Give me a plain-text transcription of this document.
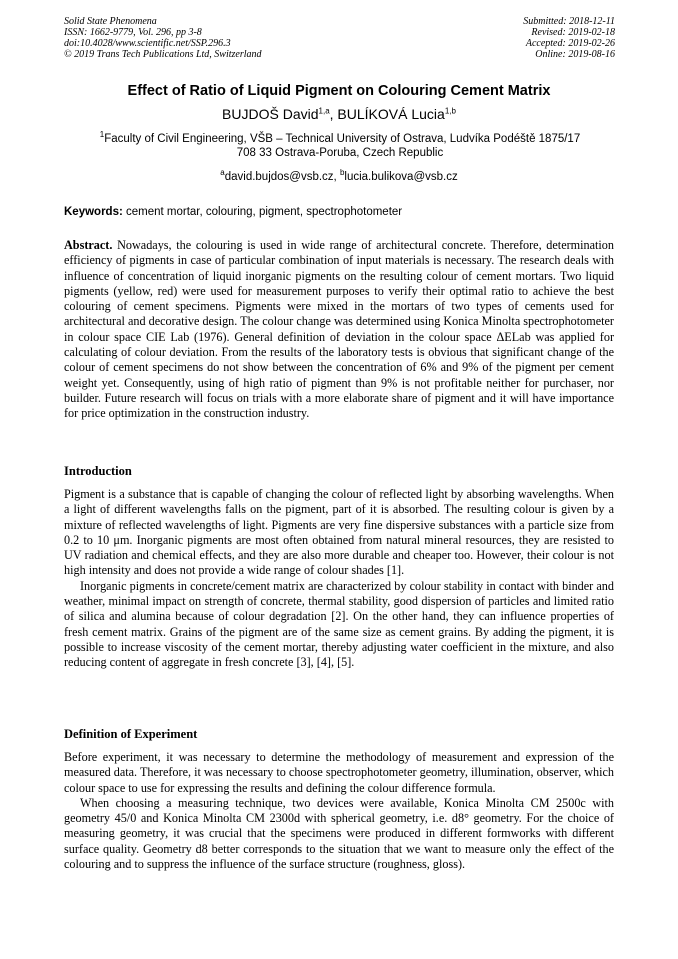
Solid State Phenomena
ISSN: 1662-9779, Vol. 296, pp 3-8
doi:10.4028/www.scientific.net/SSP.296.3
© 2019 Trans Tech Publications Ltd, Switzerland
Submitted: 2018-12-11
Revised: 2019-02-18
Accepted: 2019-02-26
Online: 2019-08-16
Effect of Ratio of Liquid Pigment on Colouring Cement Matrix
BUJDOŠ David$^{1,a}$, BULÍKOVÁ Lucia$^{1,b}$
$^1$Faculty of Civil Engineering, VŠB – Technical University of Ostrava, Ludvíka Podéště 1875/17
708 33 Ostrava-Poruba, Czech Republic
$^a$david.bujdos@vsb.cz, $^b$lucia.bulikova@vsb.cz
Keywords: cement mortar, colouring, pigment, spectrophotometer

Abstract. Nowadays, the colouring is used in wide range of architectural concrete. Therefore, determination efficiency of pigments in case of particular combination of input materials is necessary. The research deals with influence of concentration of liquid inorganic pigments on the resulting colour of cement mortars. Two liquid pigments (yellow, red) were used for measurement purposes to verify their optimal ratio to achieve the best colouring of cement specimens. Pigments were mixed in the mortars of two types of cements used for architectural and decorative design. The colour change was determined using Konica Minolta spectrophotometer in colour space CIE Lab (1976). General definition of deviation in the colour space ΔELab was applied for calculating of colour deviation. From the results of the laboratory tests is obvious that significant change of the colour of cement specimens do not show between the concentration of 6% and 9% of the pigment per cement weight yet. Consequently, using of high ratio of pigment than 9% is not profitable neither for purchaser, nor builder. Future research will focus on trials with a more elaborate share of pigment and it will have importance for price optimization in the construction industry.

Introduction

Pigment is a substance that is capable of changing the colour of reflected light by absorbing wavelengths. When a light of different wavelengths falls on the pigment, part of it is absorbed. The resulting colour is given by a mixture of reflected wavelengths of light. Pigments are very fine dispersive substances with a particle size from 0.2 to 10 μm. Inorganic pigments are most often obtained from natural mineral resources, they are resisted to UV radiation and chemical effects, and they are also more durable and cheaper too. However, their colour is not high intensity and does not provide a wide range of colour shades [1].

Inorganic pigments in concrete/cement matrix are characterized by colour stability in contact with binder and weather, minimal impact on strength of concrete, thermal stability, good dispersion of particles and limited ratio of silica and alumina because of colour degradation [2]. On the other hand, they can influence properties of fresh cement matrix. Grains of the pigment are of the same size as cement grains. By adding the pigment, it is possible to increase viscosity of the cement mortar, thereby adjusting water coefficient in the mixture, and also reducing content of aggregate in fresh concrete [3], [4], [5].

Definition of Experiment

Before experiment, it was necessary to determine the methodology of measurement and expression of the measured data. Therefore, it was necessary to choose spectrophotometer geometry, illumination, observer, which colour space to use for expressing the results and defining the colour difference formula.

When choosing a measuring technique, two devices were available, Konica Minolta CM 2500c with geometry 45/0 and Konica Minolta CM 2300d with spherical geometry, i.e. d8° geometry. For the choice of measuring geometry, it was crucial that the specimens were produced in different formworks with different surface quality. Geometry d8 better corresponds to the situation that we want to measure only the effect of the colouring and to suppress the influence of the surface structure (roughness, gloss).
